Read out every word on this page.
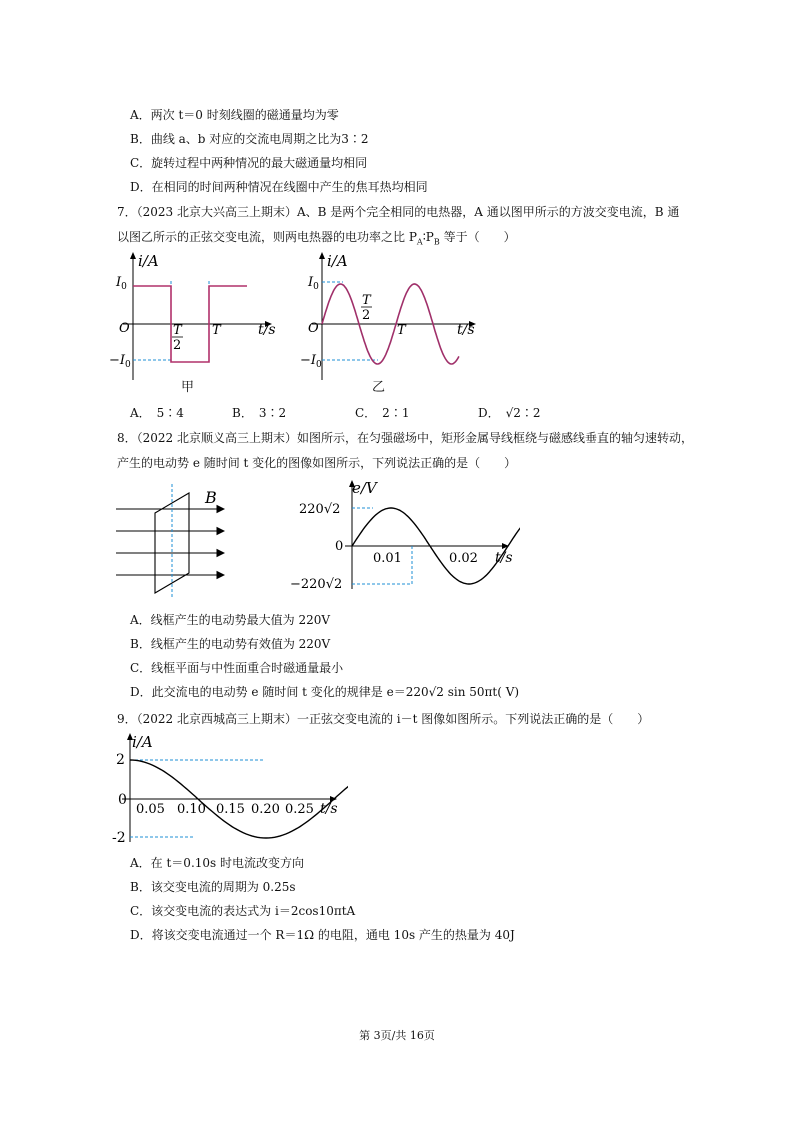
A．两次 t＝0 时刻线圈的磁通量均为零
B．曲线 a、b 对应的交流电周期之比为3∶2
C．旋转过程中两种情况的最大磁通量均相同
D．在相同的时间两种情况在线圈中产生的焦耳热均相同
7．（2023 北京大兴高三上期末）A、B 是两个完全相同的电热器，A 通以图甲所示的方波交变电流，B 通
以图乙所示的正弦交变电流，则两电热器的电功率之比 $P_A∶P_B$ 等于（　　）
i/A
$I_0$
$-I_0$
O	T
2
T	t/s
甲
i/A
$I_0$
$-I_0$
O
T
2
T	t/s
乙
A．　5∶4	B．　3∶2	C．　2∶1	D．　√2∶2
8．（2022 北京顺义高三上期末）如图所示，在匀强磁场中，矩形金属导线框绕与磁感线垂直的轴匀速转动，
产生的电动势 e 随时间 t 变化的图像如图所示，下列说法正确的是（　　）
B	e/V
220√2
−220√2
0
0.01	0.02 t/s
A．线框产生的电动势最大值为 220V
B．线框产生的电动势有效值为 220V
C．线框平面与中性面重合时磁通量最小
D．此交流电的电动势 e 随时间 t 变化的规律是 e＝220√2 sin 50πt( V)
9．（2022 北京西城高三上期末）一正弦交变电流的 i－t 图像如图所示。下列说法正确的是（　　）
i/A
2
0
-2
0.05 0.10 0.15 0.20 0.25 t/s
A．在 t＝0.10s 时电流改变方向
B．该交变电流的周期为 0.25s
C．该交变电流的表达式为 i＝2cos10πtA
D．将该交变电流通过一个 R＝1Ω 的电阻，通电 10s 产生的热量为 40J
第 3页/共 16页
